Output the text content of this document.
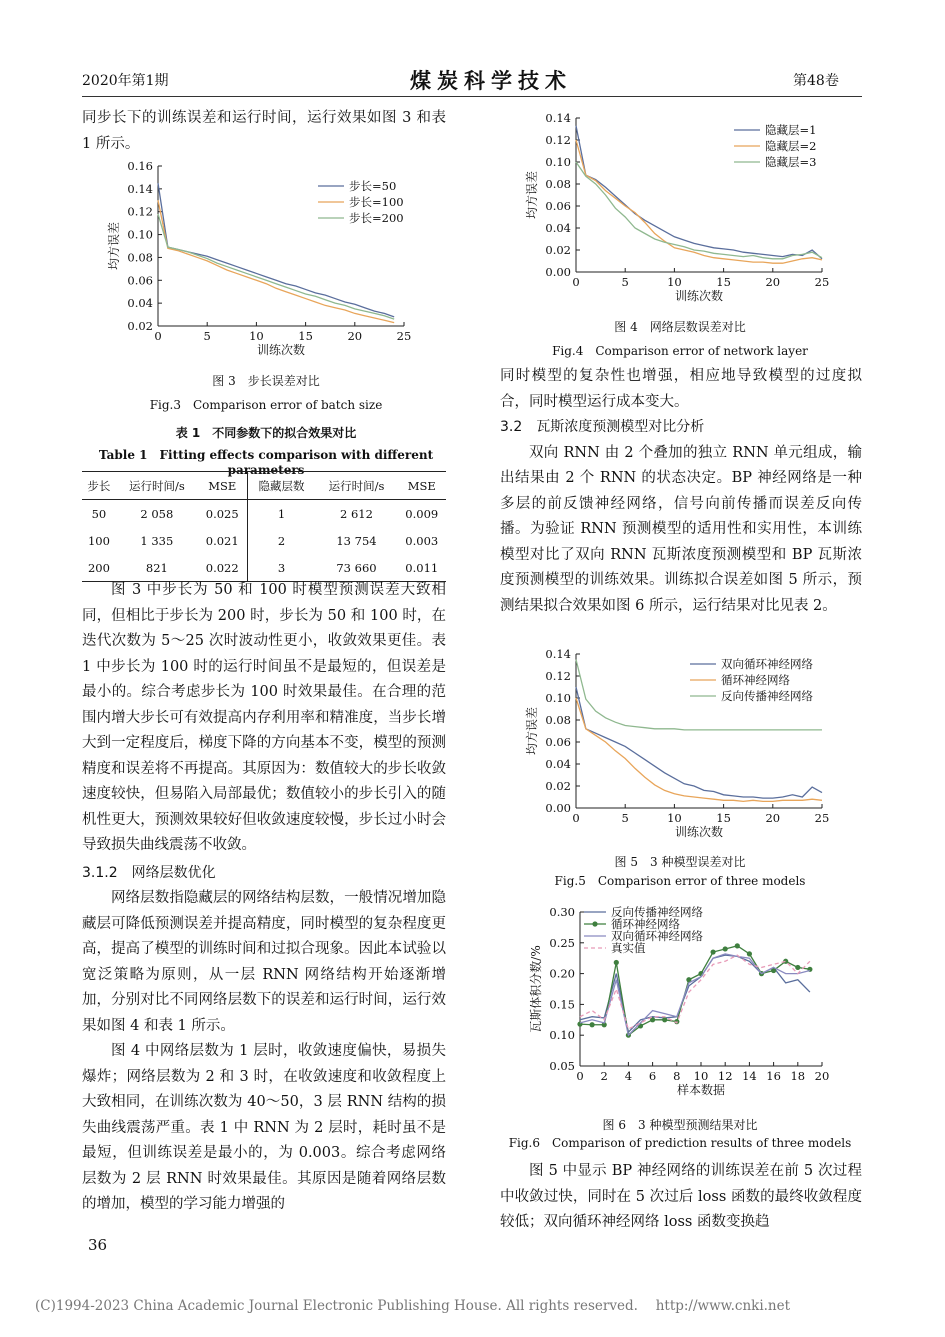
2020年第1期	煤炭科学技术	第48卷

同步长下的训练误差和运行时间，运行效果如图 3 和表 1 所示。

0.02
0.04
0.06
0.08
0.10
0.12
0.14
0.16
0	5	10	15	20	25
训练次数
均方误差
步长=50
步长=100
步长=200
图 3　步长误差对比
Fig.3　Comparison error of batch size
表 1　不同参数下的拟合效果对比
Table 1　Fitting effects comparison with different parameters
步长	运行时间/s	MSE	隐藏层数	运行时间/s	MSE
50	2 058	0.025	1	2 612	0.009
100	1 335	0.021	2	13 754	0.003
200	821	0.022	3	73 660	0.011

图 3 中步长为 50 和 100 时模型预测误差大致相同，但相比于步长为 200 时，步长为 50 和 100 时，在迭代次数为 5～25 次时波动性更小，收敛效果更佳。表 1 中步长为 100 时的运行时间虽不是最短的，但误差是最小的。综合考虑步长为 100 时效果最佳。在合理的范围内增大步长可有效提高内存利用率和精准度，当步长增大到一定程度后，梯度下降的方向基本不变，模型的预测精度和误差将不再提高。其原因为：数值较大的步长收敛速度较快，但易陷入局部最优；数值较小的步长引入的随机性更大，预测效果较好但收敛速度较慢，步长过小时会导致损失曲线震荡不收敛。

3.1.2　网络层数优化

网络层数指隐藏层的网络结构层数，一般情况增加隐藏层可降低预测误差并提高精度，同时模型的复杂程度更高，提高了模型的训练时间和过拟合现象。因此本试验以宽泛策略为原则，从一层 RNN 网络结构开始逐渐增加，分别对比不同网络层数下的误差和运行时间，运行效果如图 4 和表 1 所示。

图 4 中网络层数为 1 层时，收敛速度偏快，易损失爆炸；网络层数为 2 和 3 时，在收敛速度和收敛程度上大致相同，在训练次数为 40～50，3 层 RNN 结构的损失曲线震荡严重。表 1 中 RNN 为 2 层时，耗时虽不是最短，但训练误差是最小的，为 0.003。综合考虑网络层数为 2 层 RNN 时效果最佳。其原因是随着网络层数的增加，模型的学习能力增强的

36
0.00
0.02
0.04
0.06
0.08
0.10
0.12
0.14
0	5	10	15	20	25
训练次数
均方误差
隐藏层=1
隐藏层=2
隐藏层=3
图 4　网络层数误差对比
Fig.4　Comparison error of network layer

同时模型的复杂性也增强，相应地导致模型的过度拟合，同时模型运行成本变大。

3.2　瓦斯浓度预测模型对比分析

双向 RNN 由 2 个叠加的独立 RNN 单元组成，输出结果由 2 个 RNN 的状态决定。BP 神经网络是一种多层的前反馈神经网络，信号向前传播而误差反向传播。为验证 RNN 预测模型的适用性和实用性，本训练模型对比了双向 RNN 瓦斯浓度预测模型和 BP 瓦斯浓度预测模型的训练效果。训练拟合误差如图 5 所示，预测结果拟合效果如图 6 所示，运行结果对比见表 2。

0.00
0.02
0.04
0.06
0.08
0.10
0.12
0.14
0	5	10	15	20	25
训练次数
均方误差
双向循环神经网络
循环神经网络
反向传播神经网络
图 5　3 种模型误差对比
Fig.5　Comparison error of three models
0.05
0.10
0.15
0.20
0.25
0.30
0 2 4 6 8 10 12 14 16 18 20
样本数据
瓦斯体积分数/%
反向传播神经网络
循环神经网络
双向循环神经网络
真实值
图 6　3 种模型预测结果对比
Fig.6　Comparison of prediction results of three models

图 5 中显示 BP 神经网络的训练误差在前 5 次过程中收敛过快，同时在 5 次过后 loss 函数的最终收敛程度较低；双向循环神经网络 loss 函数变换趋

(C)1994-2023 China Academic Journal Electronic Publishing House. All rights reserved.　 http://www.cnki.net
